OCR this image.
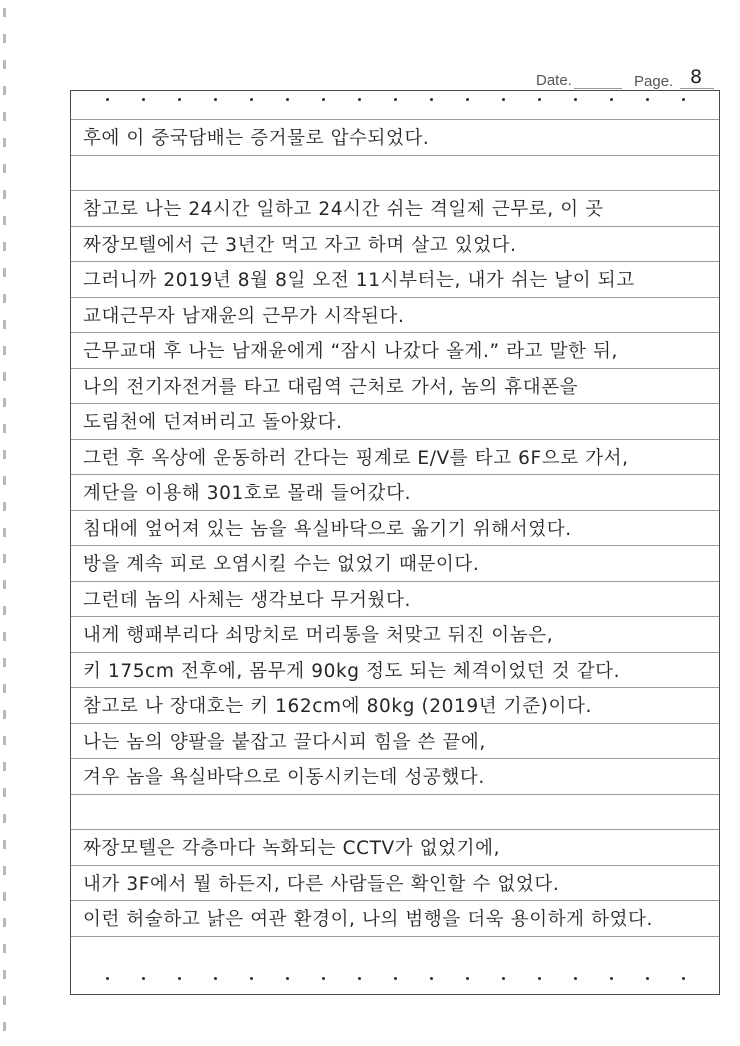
Date.	Page. 8
후에 이 중국담배는 증거물로 압수되었다.
참고로 나는 24시간 일하고 24시간 쉬는 격일제 근무로, 이 곳
짜장모텔에서 근 3년간 먹고 자고 하며 살고 있었다.
그러니까 2019년 8월 8일 오전 11시부터는, 내가 쉬는 날이 되고
교대근무자 남재윤의 근무가 시작된다.
근무교대 후 나는 남재윤에게 “잠시 나갔다 올게.” 라고 말한 뒤,
나의 전기자전거를 타고 대림역 근처로 가서, 놈의 휴대폰을
도림천에 던져버리고 돌아왔다.
그런 후 옥상에 운동하러 간다는 핑계로 E/V를 타고 6F으로 가서,
계단을 이용해 301호로 몰래 들어갔다.
침대에 엎어져 있는 놈을 욕실바닥으로 옮기기 위해서였다.
방을 계속 피로 오염시킬 수는 없었기 때문이다.
그런데 놈의 사체는 생각보다 무거웠다.
내게 행패부리다 쇠망치로 머리통을 처맞고 뒤진 이놈은,
키 175cm 전후에, 몸무게 90kg 정도 되는 체격이었던 것 같다.
참고로 나 장대호는 키 162cm에 80kg (2019년 기준)이다.
나는 놈의 양팔을 붙잡고 끌다시피 힘을 쓴 끝에,
겨우 놈을 욕실바닥으로 이동시키는데 성공했다.
짜장모텔은 각층마다 녹화되는 CCTV가 없었기에,
내가 3F에서 뭘 하든지, 다른 사람들은 확인할 수 없었다.
이런 허술하고 낡은 여관 환경이, 나의 범행을 더욱 용이하게 하였다.
